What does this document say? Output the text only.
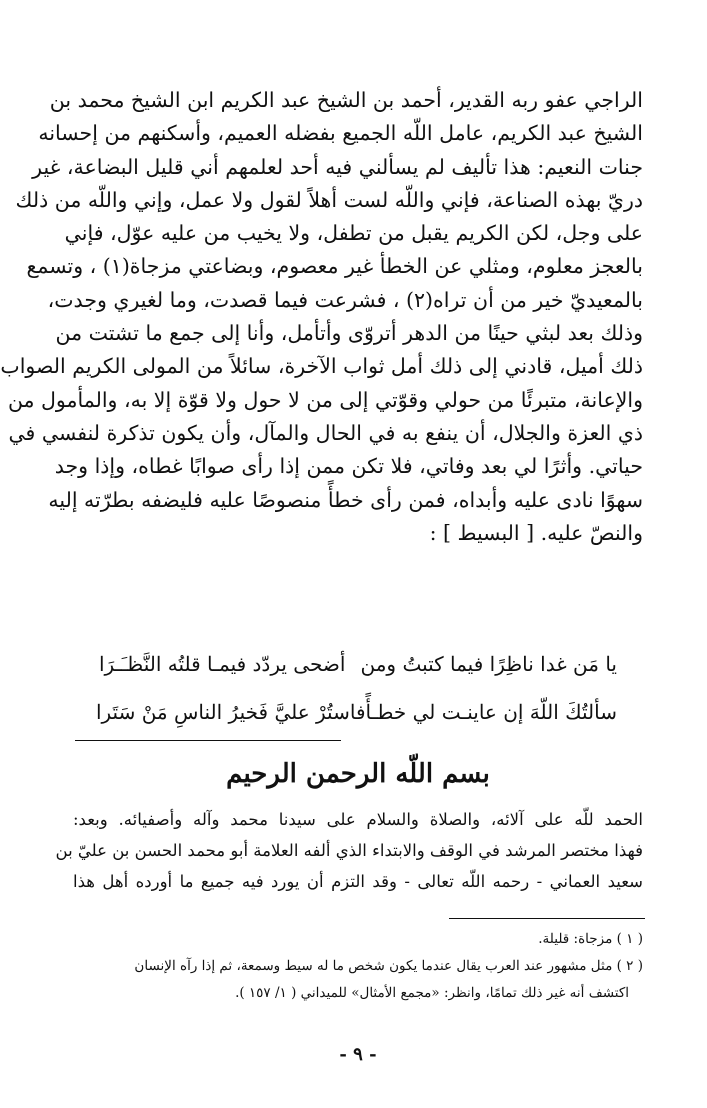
الراجي عفو ربه القدير، أحمد بن الشيخ عبد الكريم ابن الشيخ محمد بن
الشيخ عبد الكريم، عامل اللّه الجميع بفضله العميم، وأسكنهم من إحسانه
جنات النعيم: هذا تأليف لم يسألني فيه أحد لعلمهم أني قليل البضاعة، غير
دريّ بهذه الصناعة، فإني واللّه لست أهلاً لقول ولا عمل، وإني واللّه من ذلك
على وجل، لكن الكريم يقبل من تطفل، ولا يخيب من عليه عوّل، فإني
بالعجز معلوم، ومثلي عن الخطأ غير معصوم، وبضاعتي مزجاة(١) ، وتسمع
بالمعيديّ خير من أن تراه(٢) ، فشرعت فيما قصدت، وما لغيري وجدت،
وذلك بعد لبثي حينًا من الدهر أتروّى وأتأمل، وأنا إلى جمع ما تشتت من
ذلك أميل، قادني إلى ذلك أمل ثواب الآخرة، سائلاً من المولى الكريم الصواب
والإعانة، متبرئًا من حولي وقوّتي إلى من لا حول ولا قوّة إلا به، والمأمول من
ذي العزة والجلال، أن ينفع به في الحال والمآل، وأن يكون تذكرة لنفسي في
حياتي. وأثرًا لي بعد وفاتي، فلا تكن ممن إذا رأى صوابًا غطاه، وإذا وجد
سهوًا نادى عليه وأبداه، فمن رأى خطأً منصوصًا عليه فليضفه بطرّته إليه
والنصّ عليه. [ البسيط ] :
يا مَن غدا ناظِرًا فيما كتبتُ ومن
أضحى يردّد فيمـا قلتُه النَّظـَـرَا
سألتُكَ اللّهَ إن عاينـت لي خطـأً
فاستُرْ عليَّ فَخيرُ الناسِ مَنْ سَتَرا
بسم اللّه الرحمن الرحيم
الحمد للّه على آلائه، والصلاة والسلام على سيدنا محمد وآله وأصفيائه. وبعد:
فهذا مختصر المرشد في الوقف والابتداء الذي ألفه العلامة أبو محمد الحسن بن عليّ بن
سعيد العماني - رحمه اللّه تعالى - وقد التزم أن يورد فيه جميع ما أورده أهل هذا
( ١ ) مزجاة: قليلة.
( ٢ ) مثل مشهور عند العرب يقال عندما يكون شخص ما له سيط وسمعة، ثم إذا رآه الإنسان
اكتشف أنه غير ذلك تمامًا، وانظر: «مجمع الأمثال» للميداني ( ١/ ١٥٧ ).
- ٩ -
